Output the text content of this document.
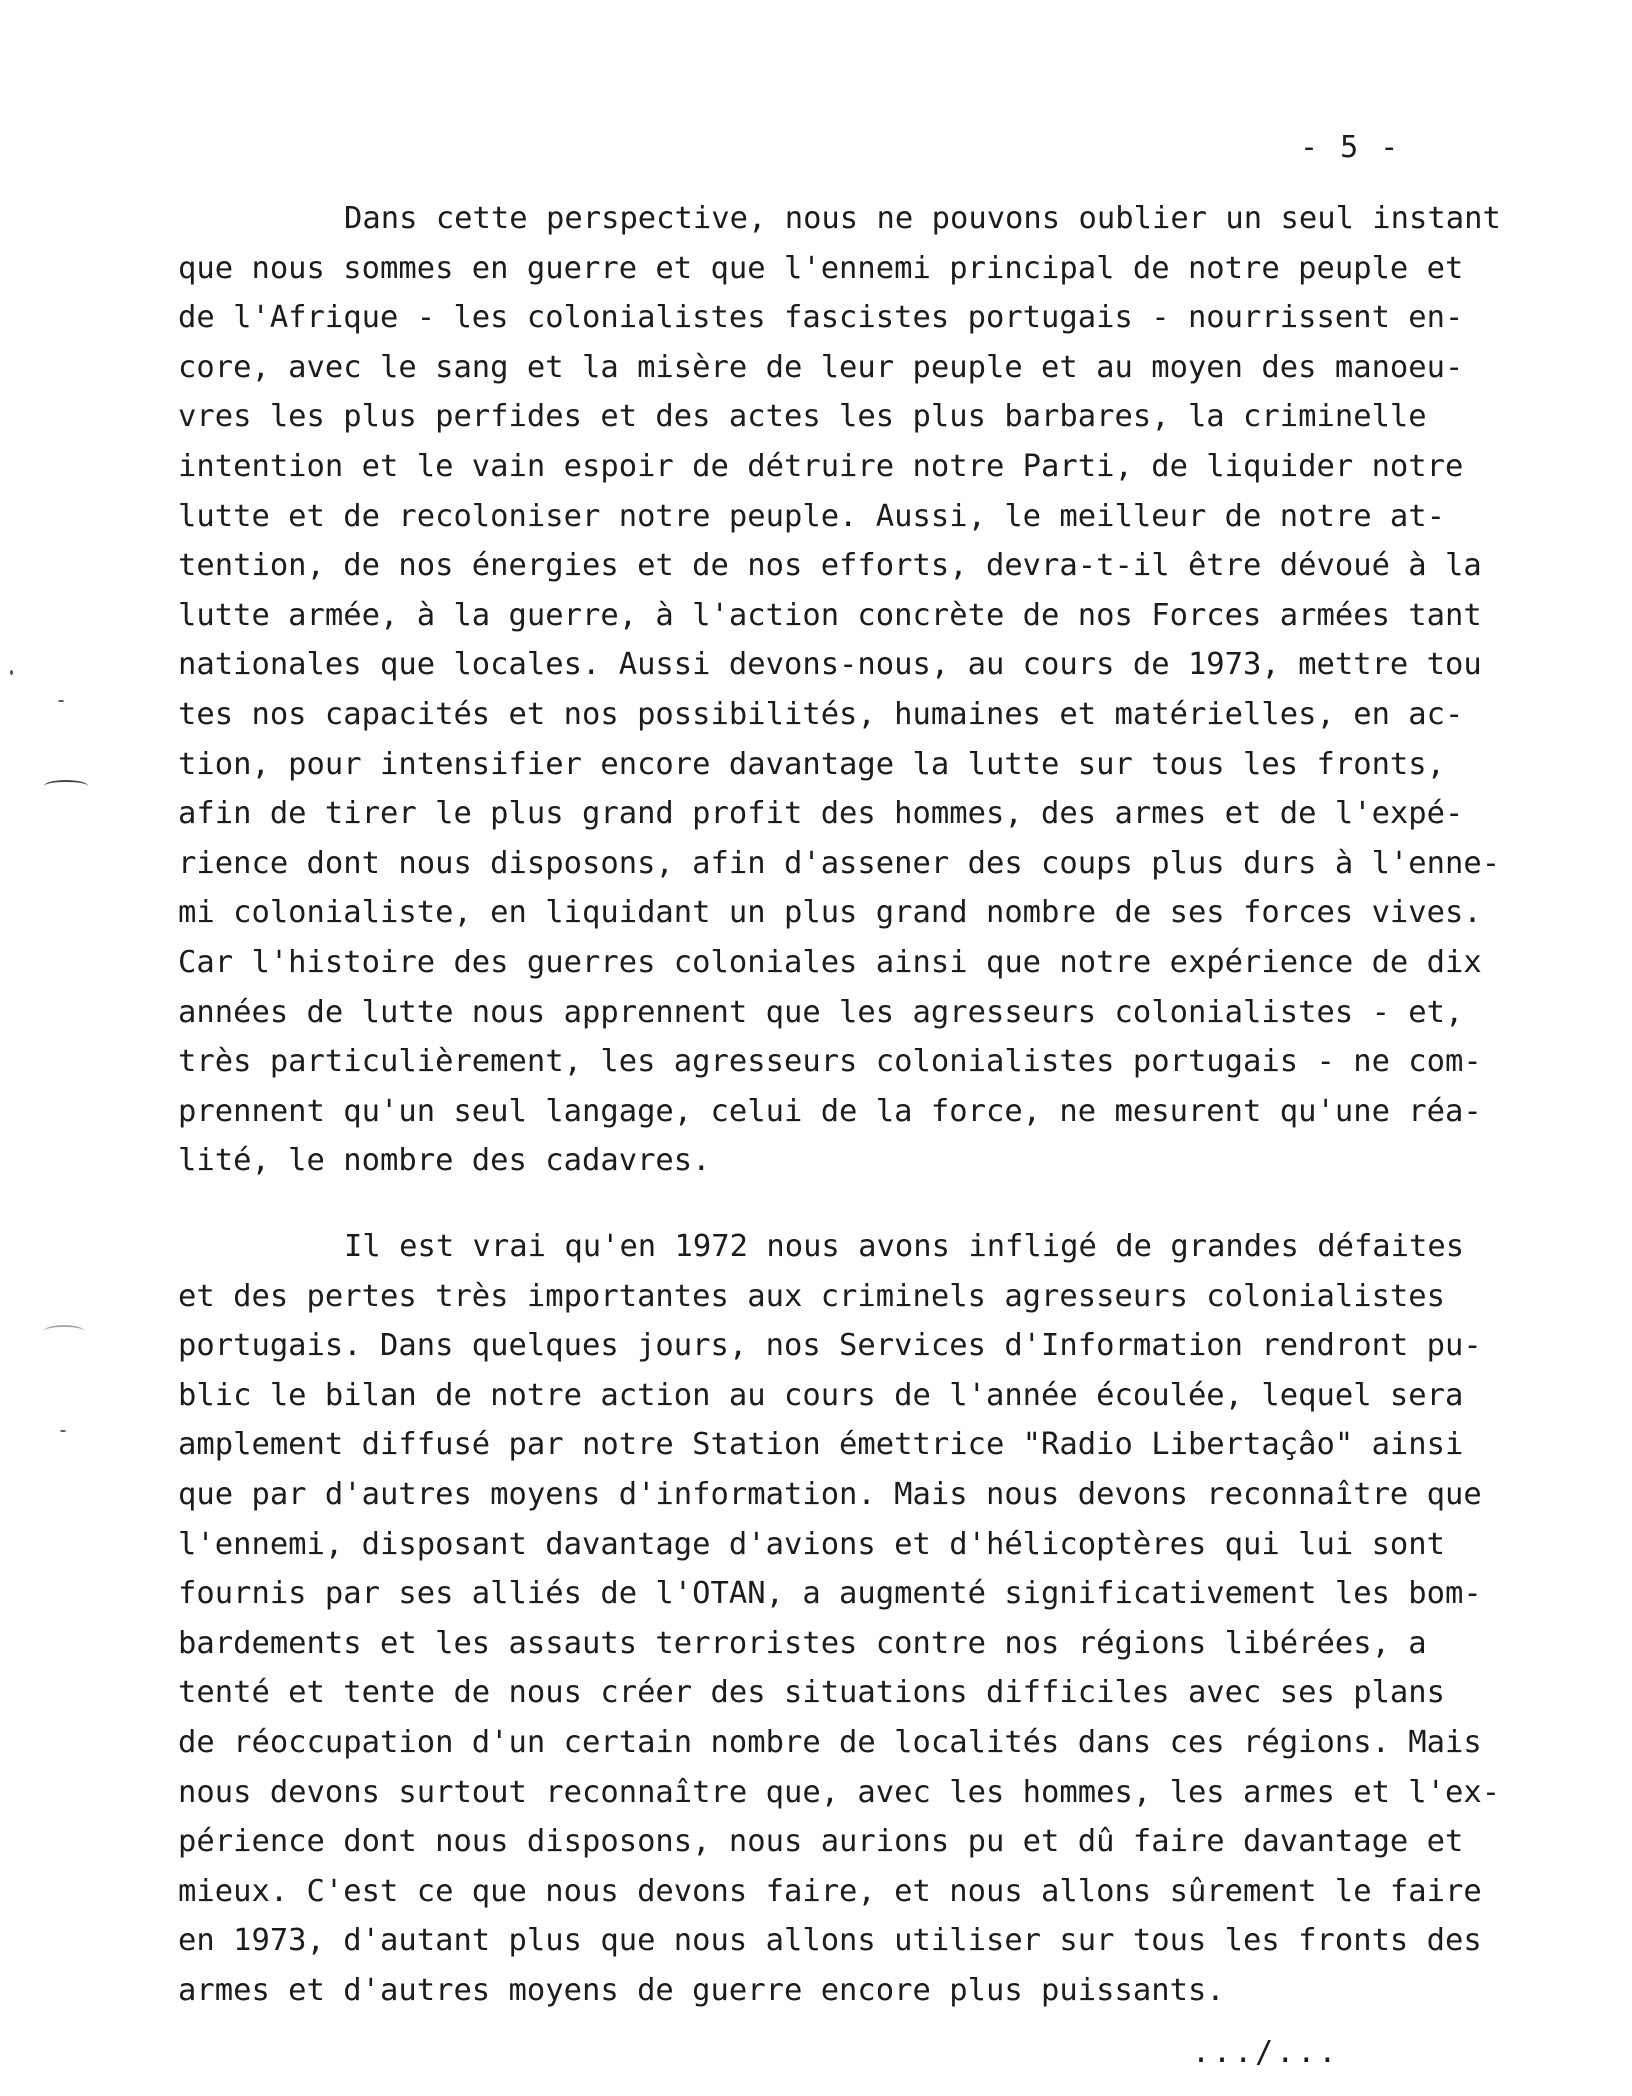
- 5 -
Dans cette perspective, nous ne pouvons oublier un seul instant
que nous sommes en guerre et que l'ennemi principal de notre peuple et
de l'Afrique - les colonialistes fascistes portugais - nourrissent en-
core, avec le sang et la misère de leur peuple et au moyen des manoeu-
vres les plus perfides et des actes les plus barbares, la criminelle
intention et le vain espoir de détruire notre Parti, de liquider notre
lutte et de recoloniser notre peuple. Aussi, le meilleur de notre at-
tention, de nos énergies et de nos efforts, devra-t-il être dévoué à la
lutte armée, à la guerre, à l'action concrète de nos Forces armées tant
nationales que locales. Aussi devons-nous, au cours de 1973, mettre tou
tes nos capacités et nos possibilités, humaines et matérielles, en ac-
tion, pour intensifier encore davantage la lutte sur tous les fronts,
afin de tirer le plus grand profit des hommes, des armes et de l'expé-
rience dont nous disposons, afin d'assener des coups plus durs à l'enne-
mi colonialiste, en liquidant un plus grand nombre de ses forces vives.
Car l'histoire des guerres coloniales ainsi que notre expérience de dix
années de lutte nous apprennent que les agresseurs colonialistes - et,
très particulièrement, les agresseurs colonialistes portugais - ne com-
prennent qu'un seul langage, celui de la force, ne mesurent qu'une réa-
lité, le nombre des cadavres.
Il est vrai qu'en 1972 nous avons infligé de grandes défaites
et des pertes très importantes aux criminels agresseurs colonialistes
portugais. Dans quelques jours, nos Services d'Information rendront pu-
blic le bilan de notre action au cours de l'année écoulée, lequel sera
amplement diffusé par notre Station émettrice "Radio Libertaçâo" ainsi
que par d'autres moyens d'information. Mais nous devons reconnaître que
l'ennemi, disposant davantage d'avions et d'hélicoptères qui lui sont
fournis par ses alliés de l'OTAN, a augmenté significativement les bom-
bardements et les assauts terroristes contre nos régions libérées, a
tenté et tente de nous créer des situations difficiles avec ses plans
de réoccupation d'un certain nombre de localités dans ces régions. Mais
nous devons surtout reconnaître que, avec les hommes, les armes et l'ex-
périence dont nous disposons, nous aurions pu et dû faire davantage et
mieux. C'est ce que nous devons faire, et nous allons sûrement le faire
en 1973, d'autant plus que nous allons utiliser sur tous les fronts des
armes et d'autres moyens de guerre encore plus puissants.
.../...
